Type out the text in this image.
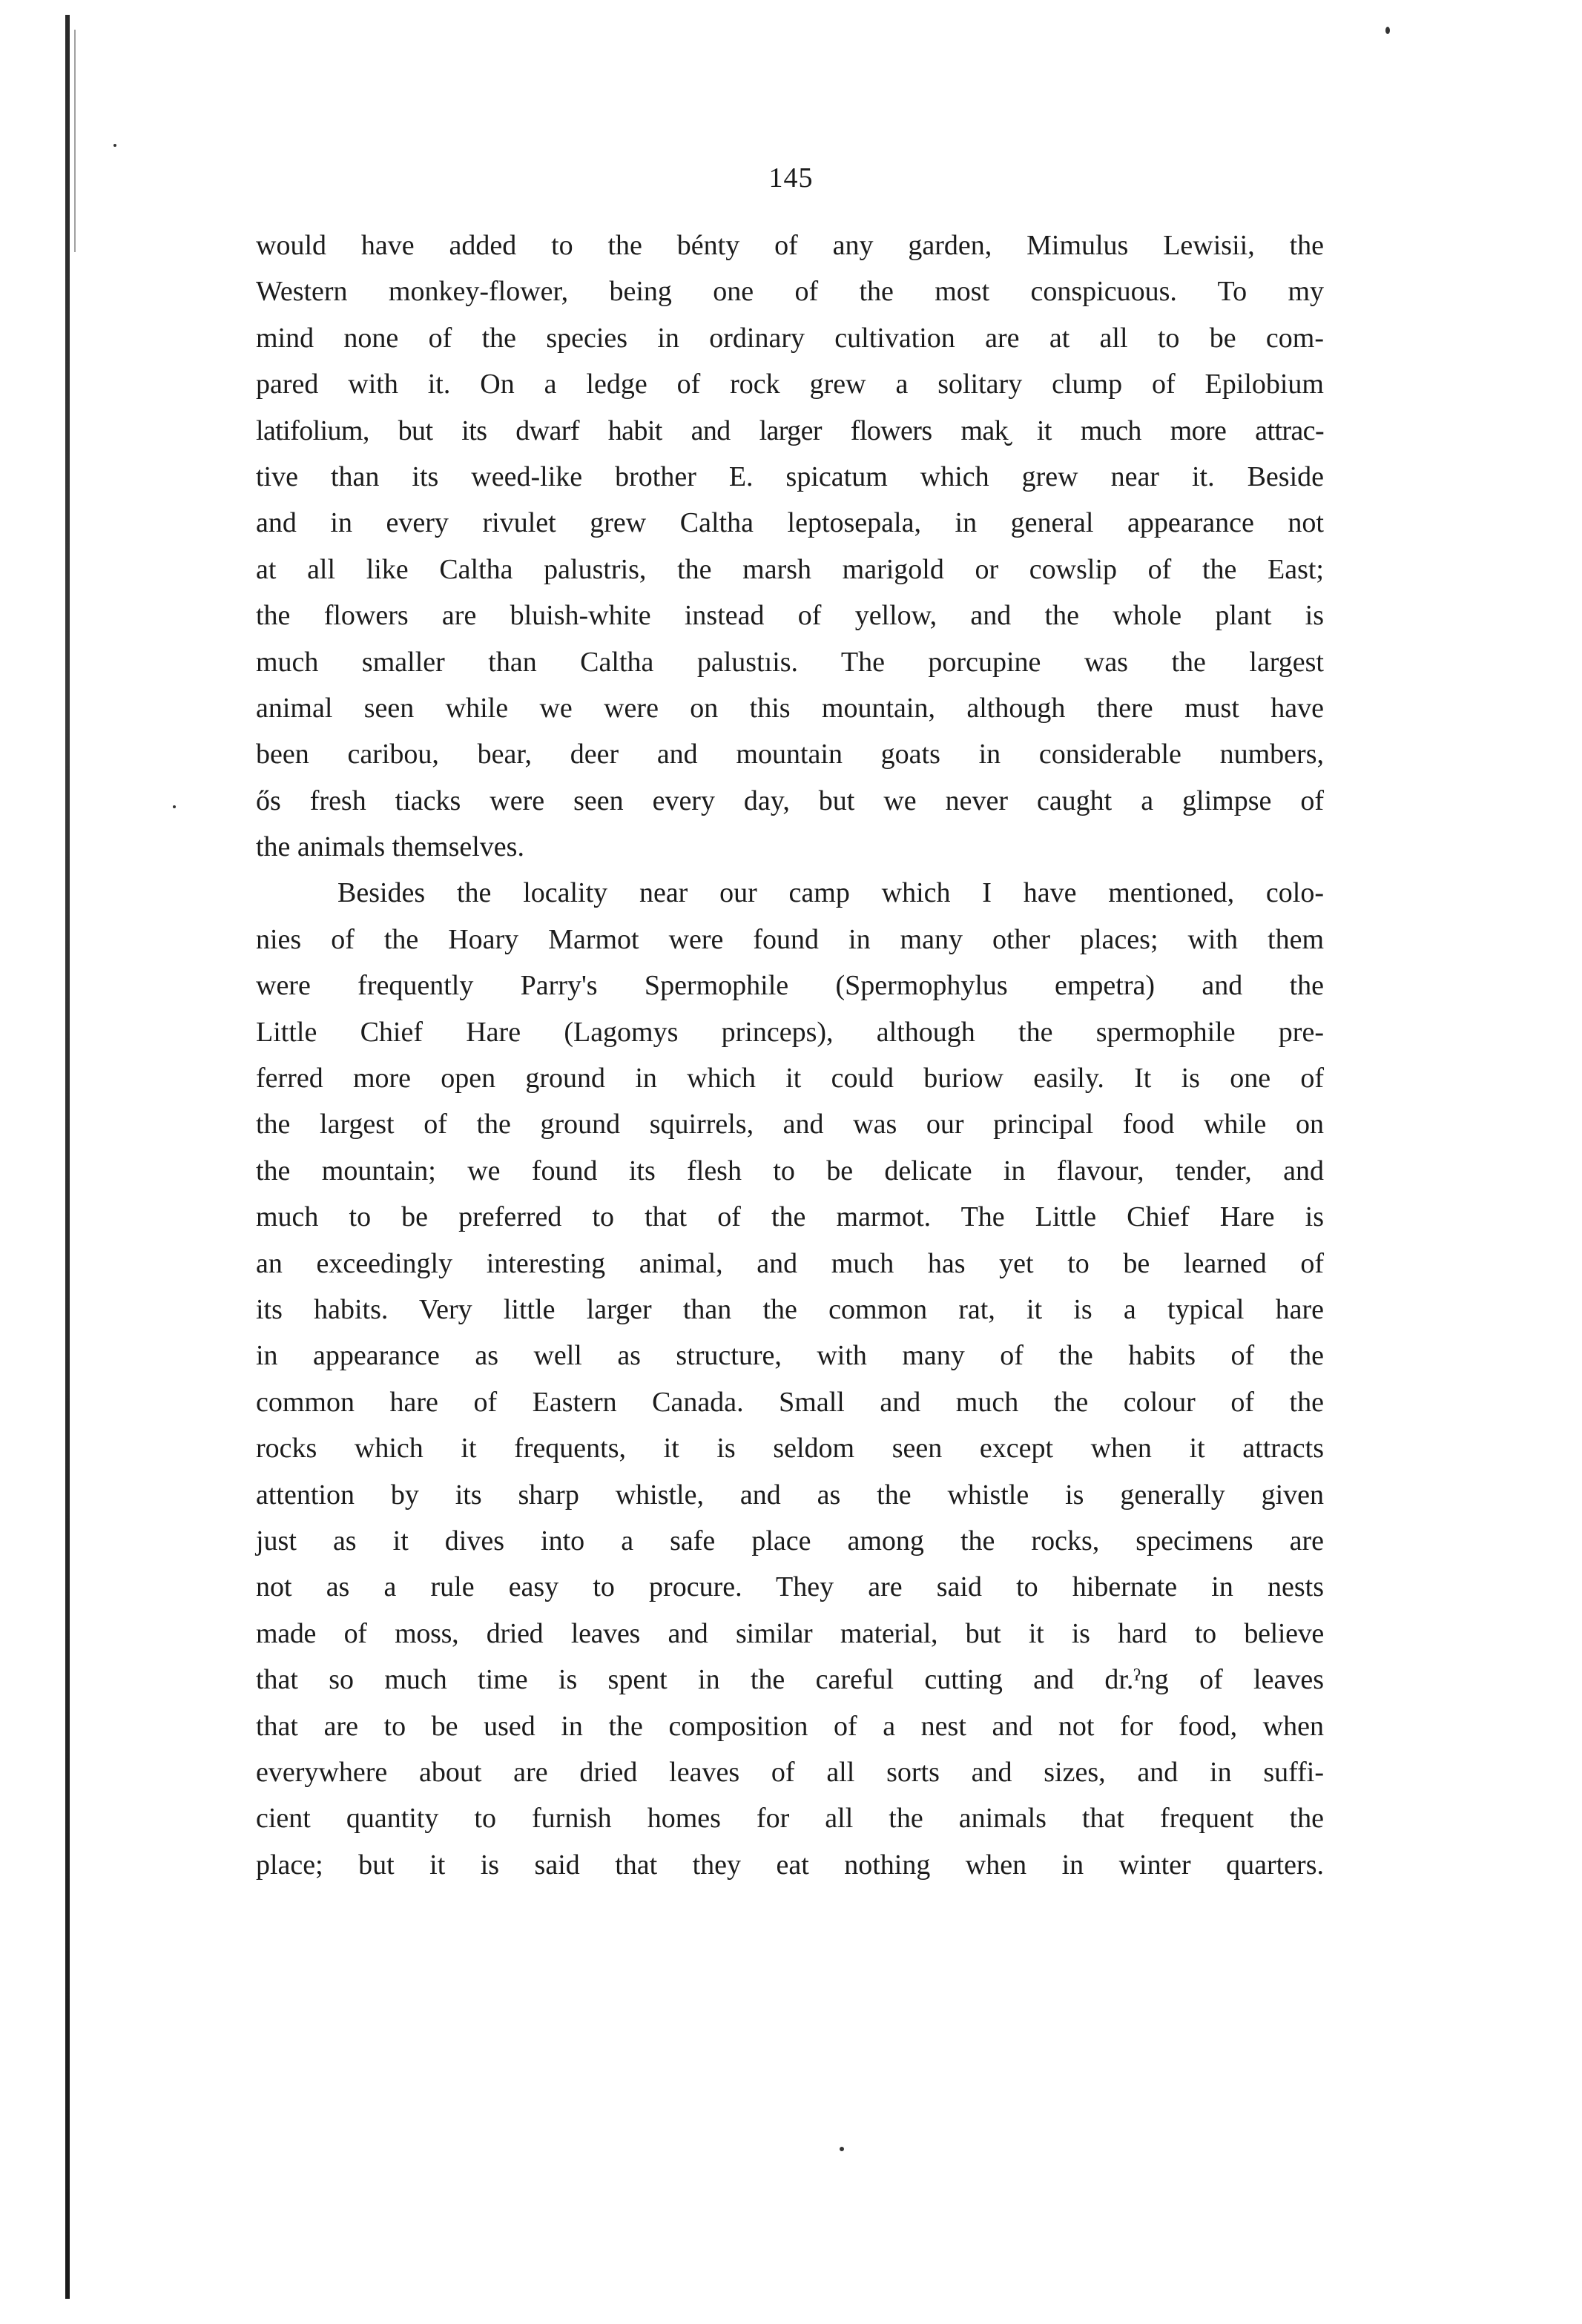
145
would have added to the bénty of any garden, Mimulus Lewisii, the
Western monkey-flower, being one of the most conspicuous. To my
mind none of the species in ordinary cultivation are at all to be com-
pared with it. On a ledge of rock grew a solitary clump of Epilobium
latifolium, but its dwarf habit and larger flowers mak̮ it much more attrac-
tive than its weed-like brother E. spicatum which grew near it. Beside
and in every rivulet grew Caltha leptosepala, in general appearance not
at all like Caltha palustris, the marsh marigold or cowslip of the East;
the flowers are bluish-white instead of yellow, and the whole plant is
much smaller than Caltha palustıis. The porcupine was the largest
animal seen while we were on this mountain, although there must have
been caribou, bear, deer and mountain goats in considerable numbers,
ős fresh tiacks were seen every day, but we never caught a glimpse of
the animals themselves.
Besides the locality near our camp which I have mentioned, colo-
nies of the Hoary Marmot were found in many other places; with them
were frequently Parry's Spermophile (Spermophylus empetra) and the
Little Chief Hare (Lagomys princeps), although the spermophile pre-
ferred more open ground in which it could buriow easily. It is one of
the largest of the ground squirrels, and was our principal food while on
the mountain; we found its flesh to be delicate in flavour, tender, and
much to be preferred to that of the marmot. The Little Chief Hare is
an exceedingly interesting animal, and much has yet to be learned of
its habits. Very little larger than the common rat, it is a typical hare
in appearance as well as structure, with many of the habits of the
common hare of Eastern Canada. Small and much the colour of the
rocks which it frequents, it is seldom seen except when it attracts
attention by its sharp whistle, and as the whistle is generally given
just as it dives into a safe place among the rocks, specimens are
not as a rule easy to procure. They are said to hibernate in nests
made of moss, dried leaves and similar material, but it is hard to believe
that so much time is spent in the careful cutting and dr.ˀng of leaves
that are to be used in the composition of a nest and not for food, when
everywhere about are dried leaves of all sorts and sizes, and in suffi-
cient quantity to furnish homes for all the animals that frequent the
place; but it is said that they eat nothing when in winter quarters.
